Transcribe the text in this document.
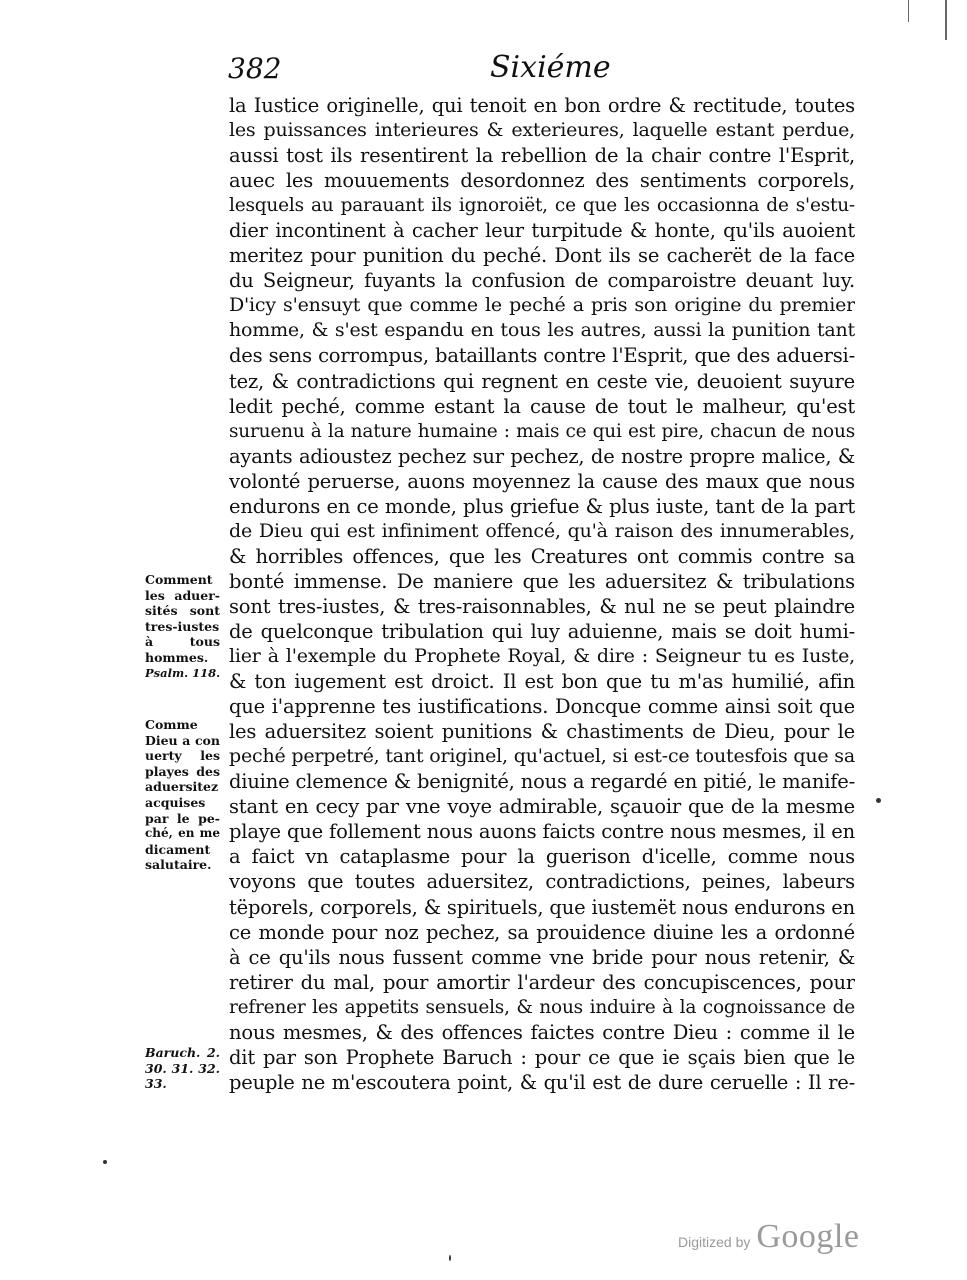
382	Sixiéme
la Iustice originelle, qui tenoit en bon ordre & rectitude, toutes
les puissances interieures & exterieures, laquelle estant perdue,
aussi tost ils resentirent la rebellion de la chair contre l'Esprit,
auec les mouuements desordonnez des sentiments corporels,
lesquels au parauant ils ignoroiët, ce que les occasionna de s'estu-
dier incontinent à cacher leur turpitude & honte, qu'ils auoient
meritez pour punition du peché. Dont ils se cacherët de la face
du Seigneur, fuyants la confusion de comparoistre deuant luy.
D'icy s'ensuyt que comme le peché a pris son origine du premier
homme, & s'est espandu en tous les autres, aussi la punition tant
des sens corrompus, bataillants contre l'Esprit, que des aduersi-
tez, & contradictions qui regnent en ceste vie, deuoient suyure
ledit peché, comme estant la cause de tout le malheur, qu'est
suruenu à la nature humaine : mais ce qui est pire, chacun de nous
ayants adioustez pechez sur pechez, de nostre propre malice, &
volonté peruerse, auons moyennez la cause des maux que nous
endurons en ce monde, plus griefue & plus iuste, tant de la part
de Dieu qui est infiniment offencé, qu'à raison des innumerables,
& horribles offences, que les Creatures ont commis contre sa
bonté immense. De maniere que les aduersitez & tribulations
sont tres-iustes, & tres-raisonnables, & nul ne se peut plaindre
de quelconque tribulation qui luy aduienne, mais se doit humi-
lier à l'exemple du Prophete Royal, & dire : Seigneur tu es Iuste,
& ton iugement est droict. Il est bon que tu m'as humilié, afin
que i'apprenne tes iustifications. Doncque comme ainsi soit que
les aduersitez soient punitions & chastiments de Dieu, pour le
peché perpetré, tant originel, qu'actuel, si est-ce toutesfois que sa
diuine clemence & benignité, nous a regardé en pitié, le manife-
stant en cecy par vne voye admirable, sçauoir que de la mesme
playe que follement nous auons faicts contre nous mesmes, il en
a faict vn cataplasme pour la guerison d'icelle, comme nous
voyons que toutes aduersitez, contradictions, peines, labeurs
tëporels, corporels, & spirituels, que iustemët nous endurons en
ce monde pour noz pechez, sa prouidence diuine les a ordonné
à ce qu'ils nous fussent comme vne bride pour nous retenir, &
retirer du mal, pour amortir l'ardeur des concupiscences, pour
refrener les appetits sensuels, & nous induire à la cognoissance de
nous mesmes, & des offences faictes contre Dieu : comme il le
dit par son Prophete Baruch : pour ce que ie sçais bien que le
peuple ne m'escoutera point, & qu'il est de dure ceruelle : Il re-
Comment
les aduer-
sités sont
tres-iustes
à tous
hommes.
Psalm. 118.
Comme
Dieu a con
uerty les
playes des
aduersitez
acquises
par le pe-
ché, en me
dicament
salutaire.
Baruch. 2.
30. 31. 32.
33.
Digitized by Google
